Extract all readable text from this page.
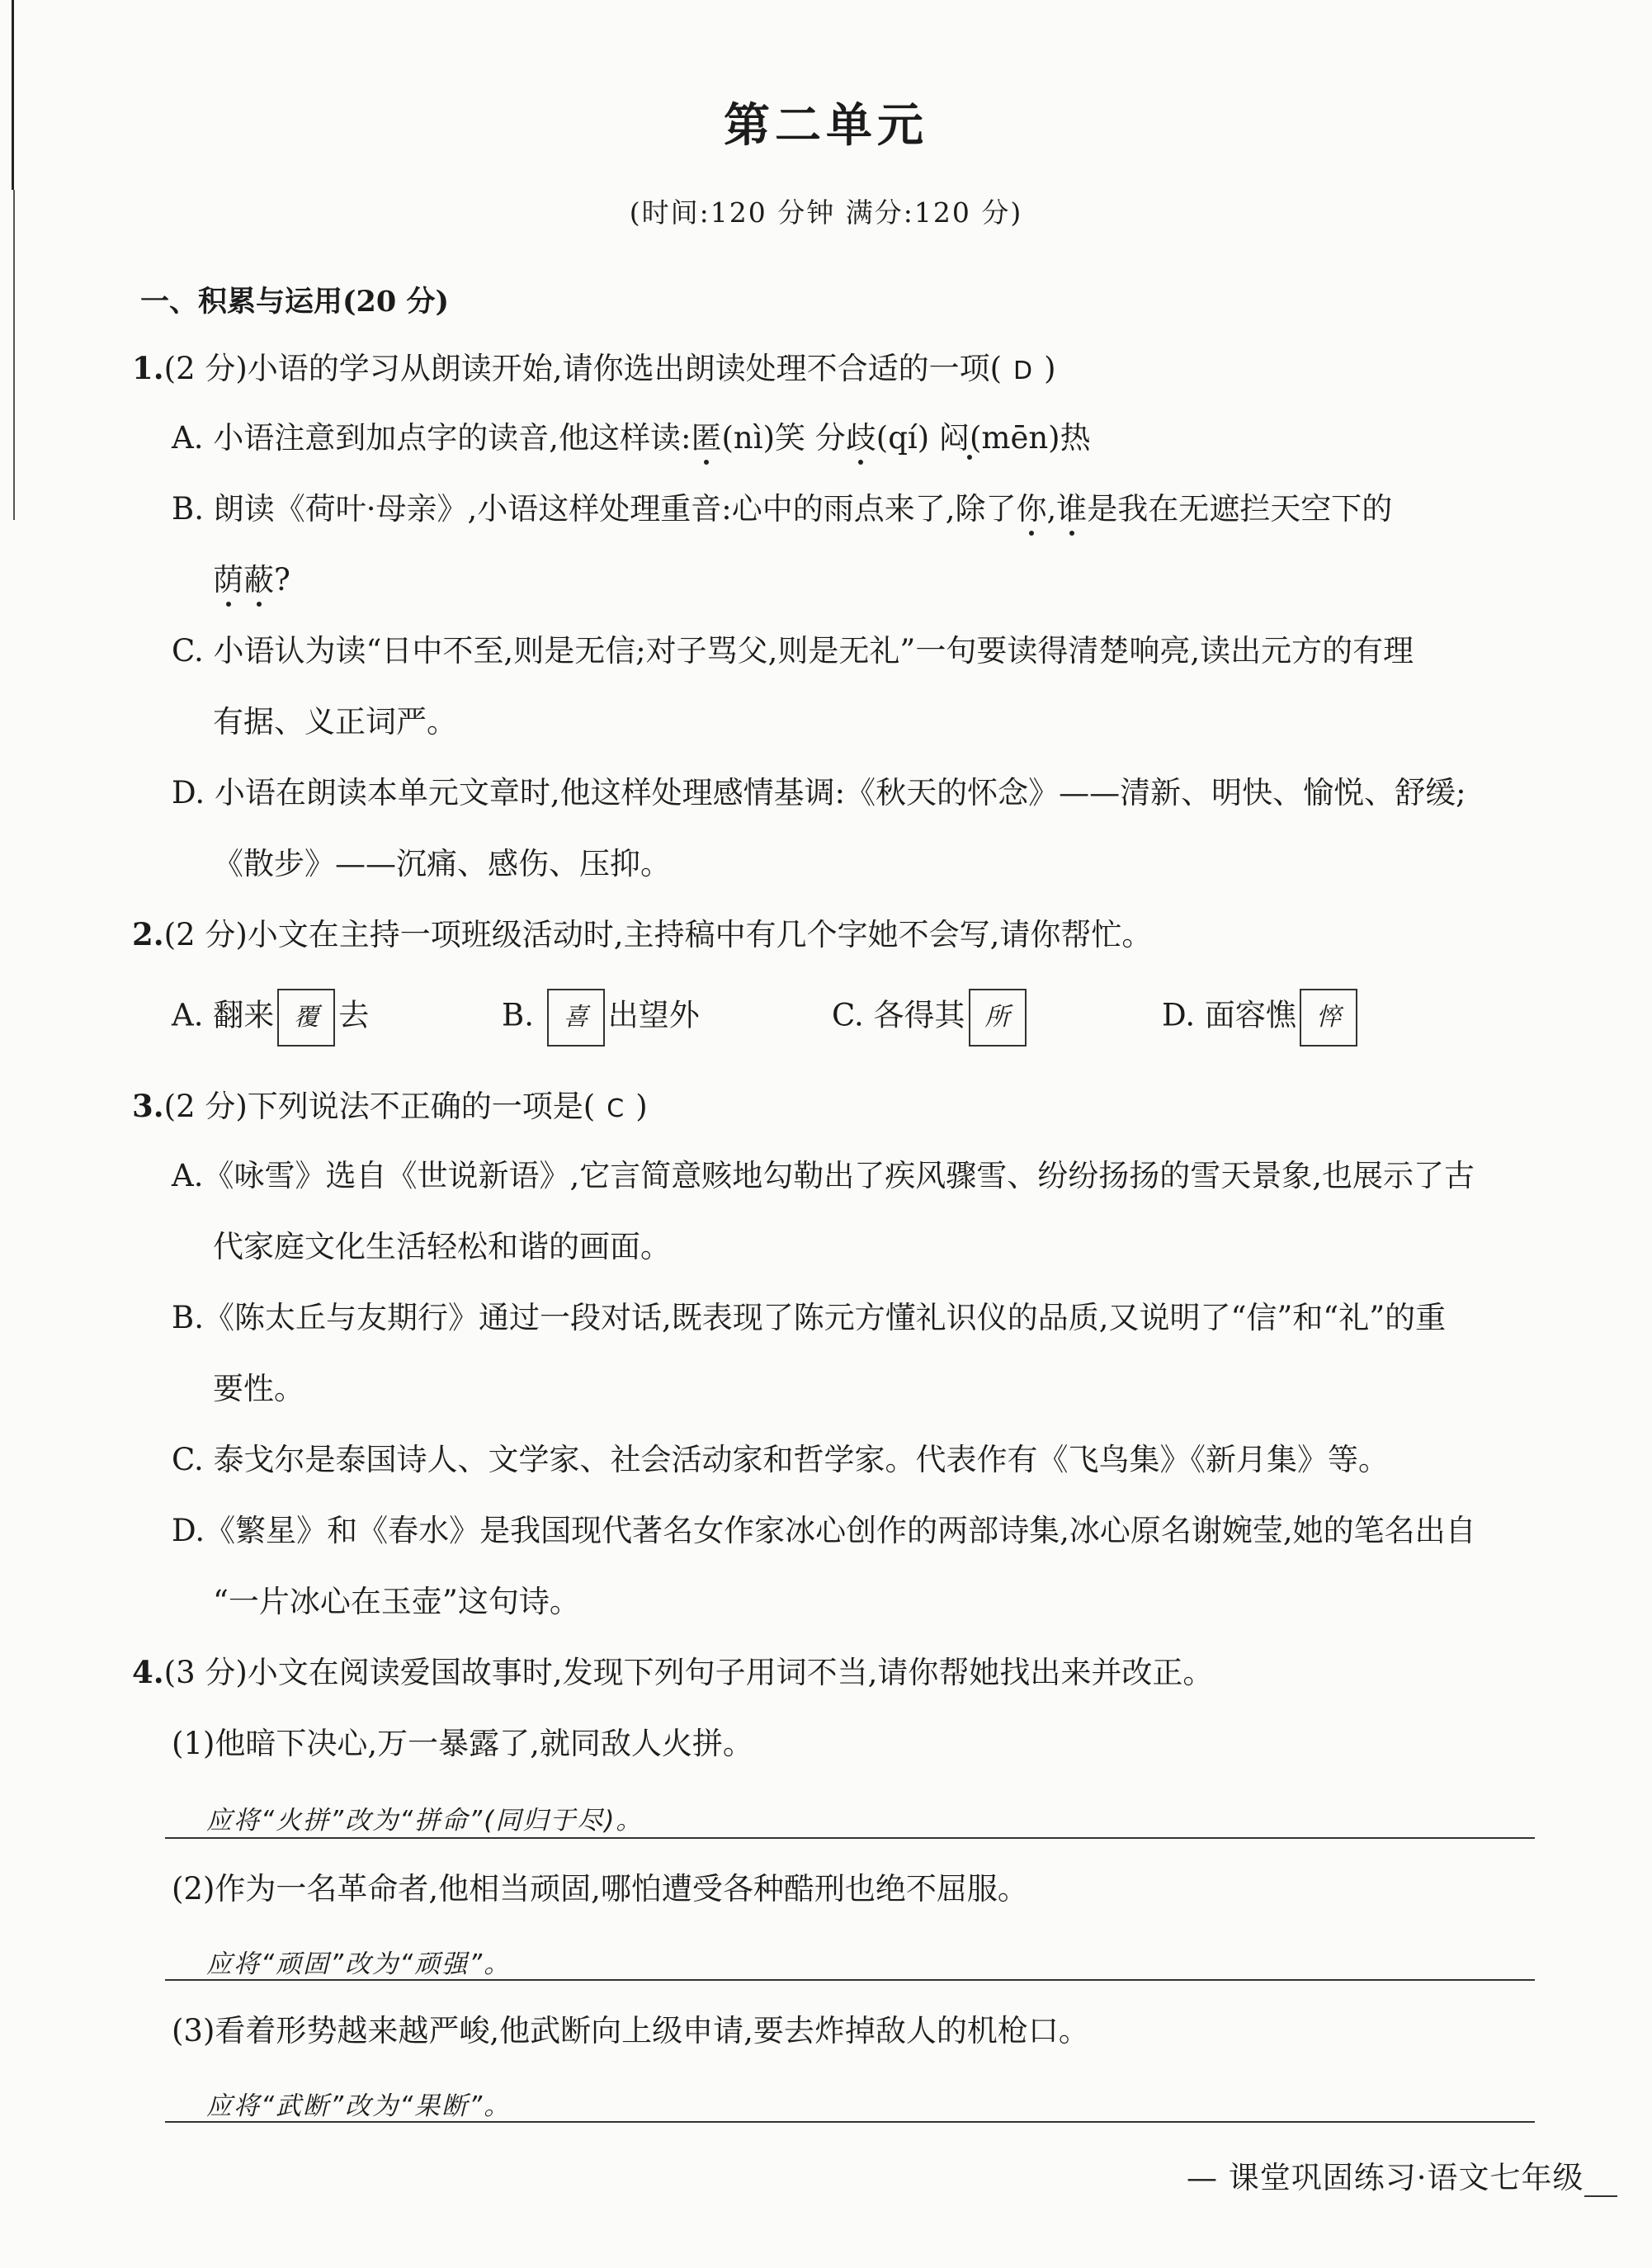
第二单元
(时间:120 分钟 满分:120 分)
一、积累与运用(20 分)
1.(2 分)小语的学习从朗读开始,请你选出朗读处理不合适的一项( D )
A. 小语注意到加点字的读音,他这样读:匿(nì)笑 分歧(qí) 闷(mēn)热
B. 朗读《荷叶·母亲》,小语这样处理重音:心中的雨点来了,除了你,谁是我在无遮拦天空下的
荫蔽?
C. 小语认为读“日中不至,则是无信;对子骂父,则是无礼”一句要读得清楚响亮,读出元方的有理
有据、义正词严。
D. 小语在朗读本单元文章时,他这样处理感情基调:《秋天的怀念》——清新、明快、愉悦、舒缓;
《散步》——沉痛、感伤、压抑。
2.(2 分)小文在主持一项班级活动时,主持稿中有几个字她不会写,请你帮忙。
A. 翻来 覆 去	B. 喜 出望外	C. 各得其 所	D. 面容憔 悴
3.(2 分)下列说法不正确的一项是( C )
A.《咏雪》选自《世说新语》,它言简意赅地勾勒出了疾风骤雪、纷纷扬扬的雪天景象,也展示了古
代家庭文化生活轻松和谐的画面。
B.《陈太丘与友期行》通过一段对话,既表现了陈元方懂礼识仪的品质,又说明了“信”和“礼”的重
要性。
C. 泰戈尔是泰国诗人、文学家、社会活动家和哲学家。代表作有《飞鸟集》《新月集》等。
D.《繁星》和《春水》是我国现代著名女作家冰心创作的两部诗集,冰心原名谢婉莹,她的笔名出自
“一片冰心在玉壶”这句诗。
4.(3 分)小文在阅读爱国故事时,发现下列句子用词不当,请你帮她找出来并改正。
(1)他暗下决心,万一暴露了,就同敌人火拼。
应将“火拼”改为“拼命”(同归于尽)。
(2)作为一名革命者,他相当顽固,哪怕遭受各种酷刑也绝不屈服。
应将“顽固”改为“顽强”。
(3)看着形势越来越严峻,他武断向上级申请,要去炸掉敌人的机枪口。
应将“武断”改为“果断”。
— 课堂巩固练习·语文七年级
